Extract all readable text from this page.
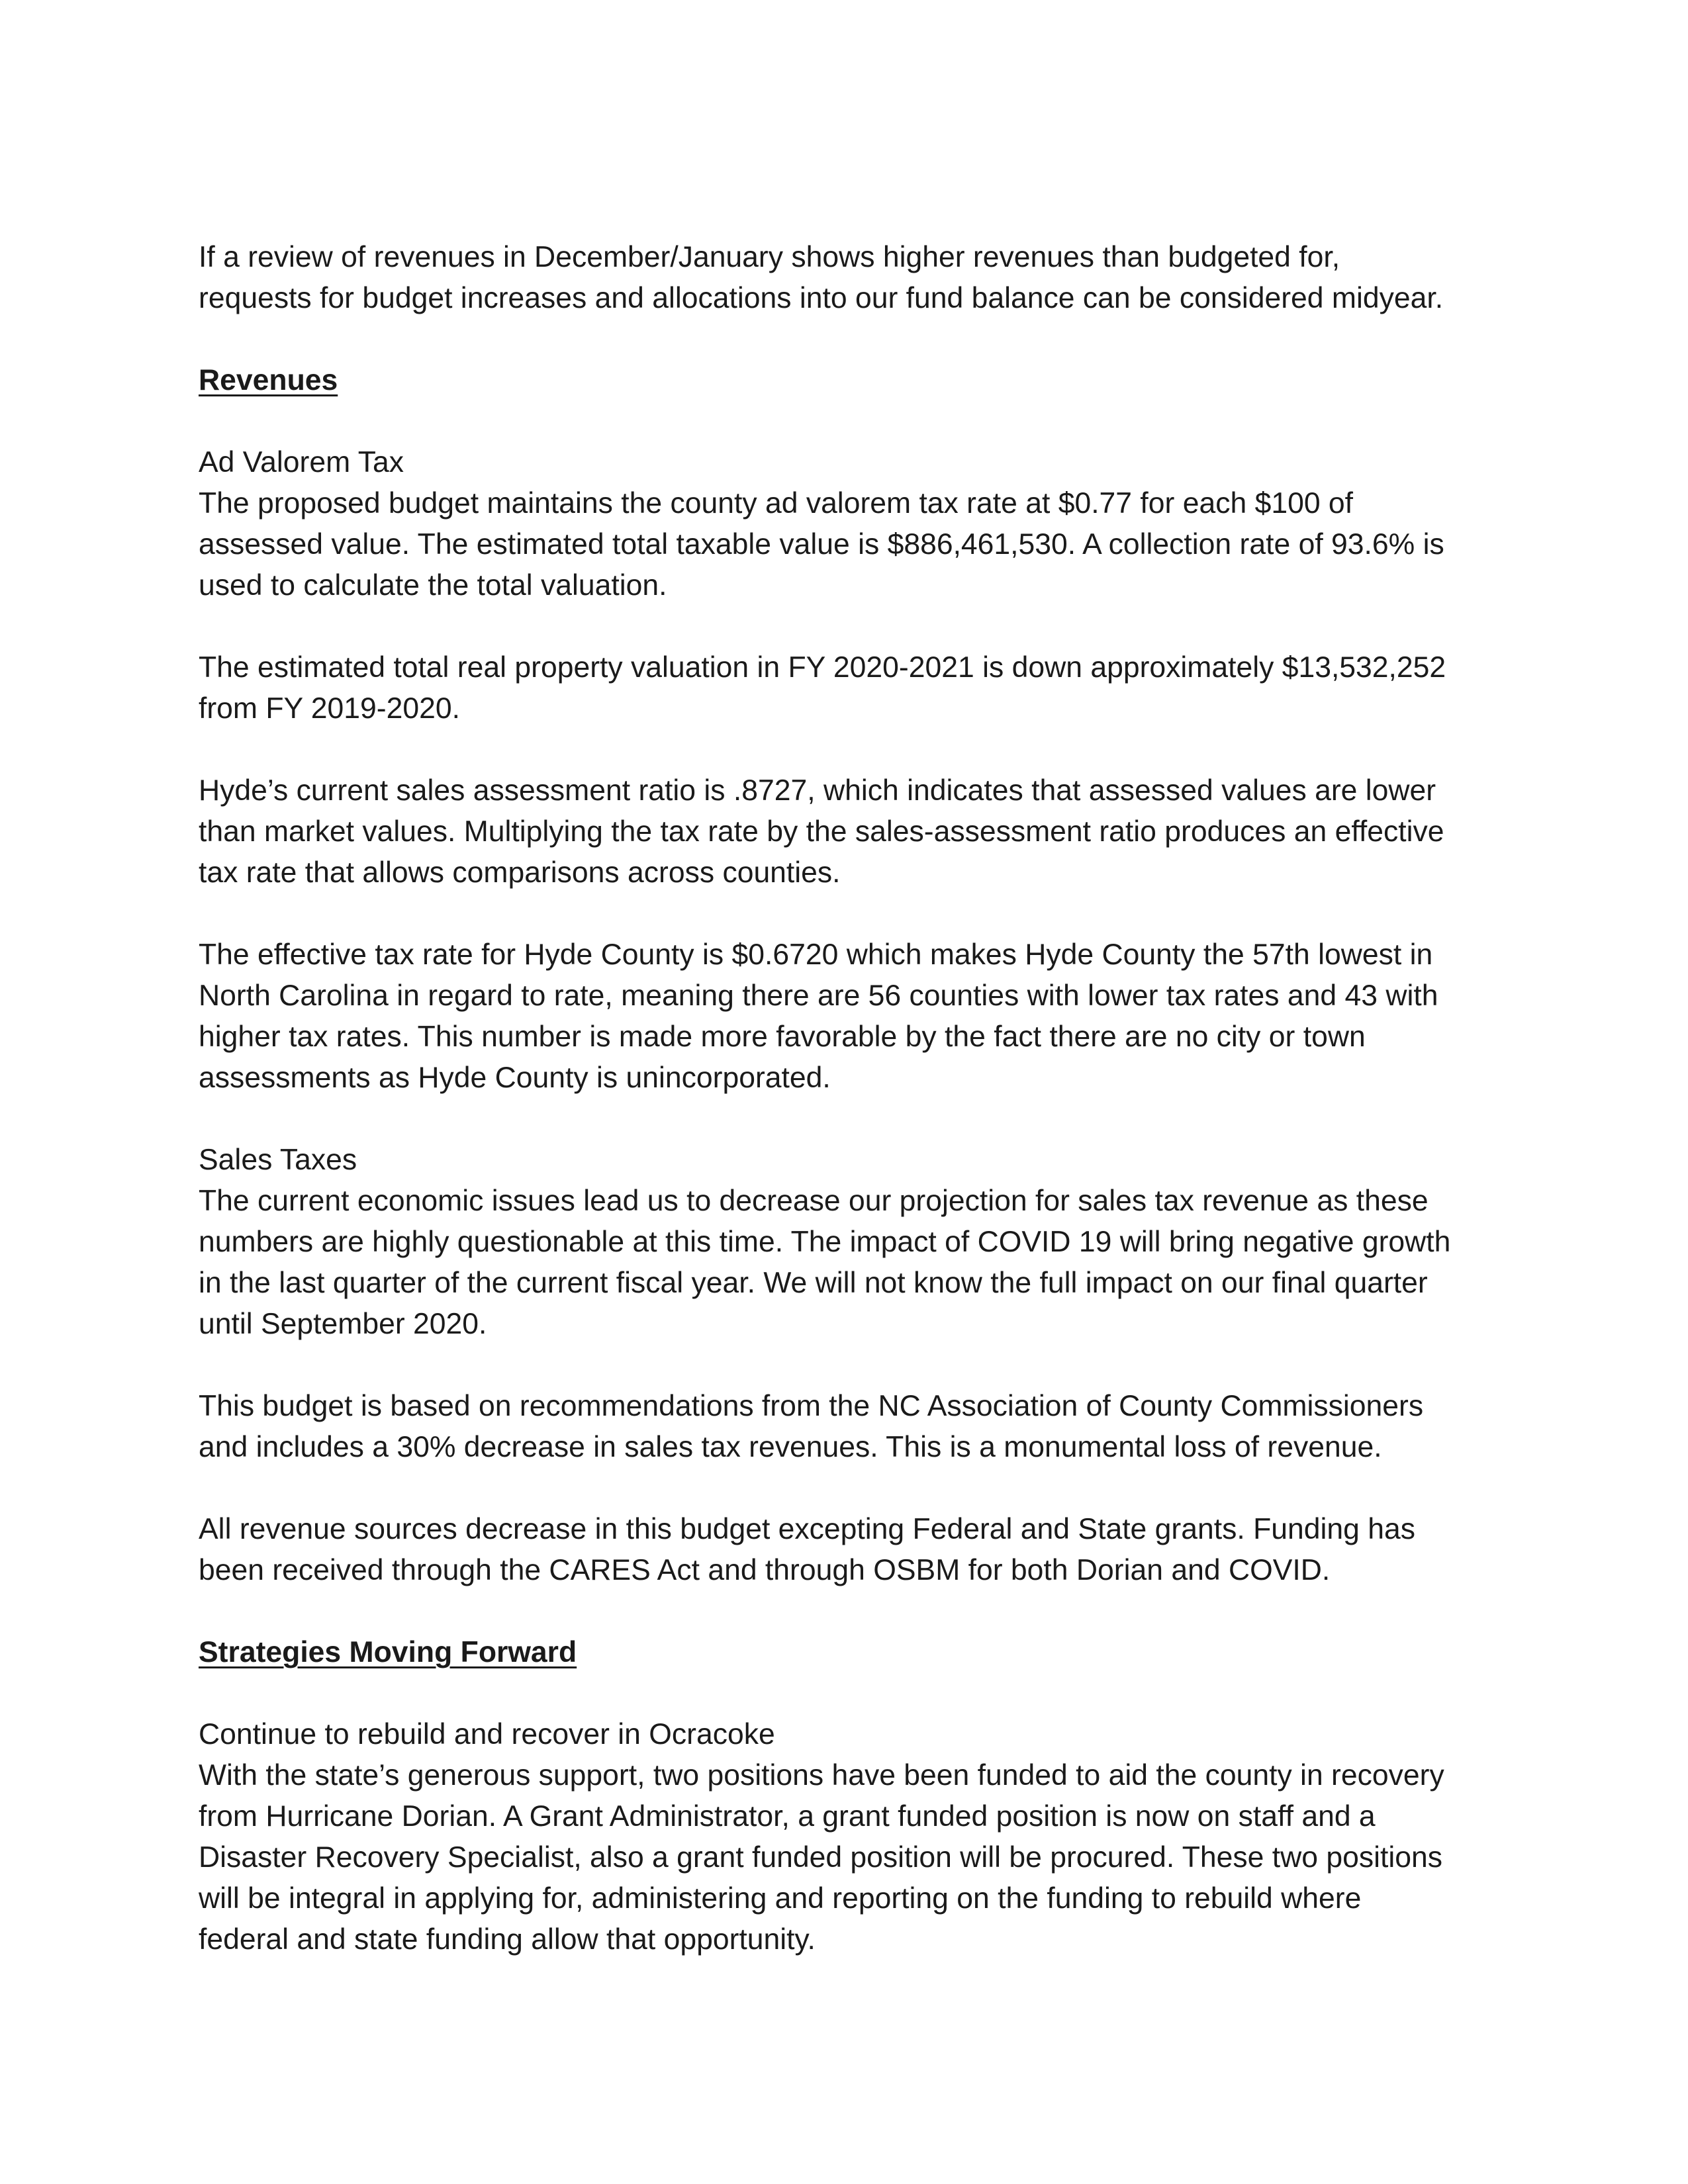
If a review of revenues in December/January shows higher revenues than budgeted for,

requests for budget increases and allocations into our fund balance can be considered midyear.

Revenues

Ad Valorem Tax

The proposed budget maintains the county ad valorem tax rate at $0.77 for each $100 of

assessed value. The estimated total taxable value is $886,461,530. A collection rate of 93.6% is

used to calculate the total valuation.

The estimated total real property valuation in FY 2020-2021 is down approximately $13,532,252

from FY 2019-2020.

Hyde’s current sales assessment ratio is .8727, which indicates that assessed values are lower

than market values. Multiplying the tax rate by the sales-assessment ratio produces an effective

tax rate that allows comparisons across counties.

The effective tax rate for Hyde County is $0.6720 which makes Hyde County the 57th lowest in

North Carolina in regard to rate, meaning there are 56 counties with lower tax rates and 43 with

higher tax rates. This number is made more favorable by the fact there are no city or town

assessments as Hyde County is unincorporated.

Sales Taxes

The current economic issues lead us to decrease our projection for sales tax revenue as these

numbers are highly questionable at this time. The impact of COVID 19 will bring negative growth

in the last quarter of the current fiscal year. We will not know the full impact on our final quarter

until September 2020.

This budget is based on recommendations from the NC Association of County Commissioners

and includes a 30% decrease in sales tax revenues. This is a monumental loss of revenue.

All revenue sources decrease in this budget excepting Federal and State grants. Funding has

been received through the CARES Act and through OSBM for both Dorian and COVID.

Strategies Moving Forward

Continue to rebuild and recover in Ocracoke

With the state’s generous support, two positions have been funded to aid the county in recovery

from Hurricane Dorian. A Grant Administrator, a grant funded position is now on staff and a

Disaster Recovery Specialist, also a grant funded position will be procured. These two positions

will be integral in applying for, administering and reporting on the funding to rebuild where

federal and state funding allow that opportunity.
